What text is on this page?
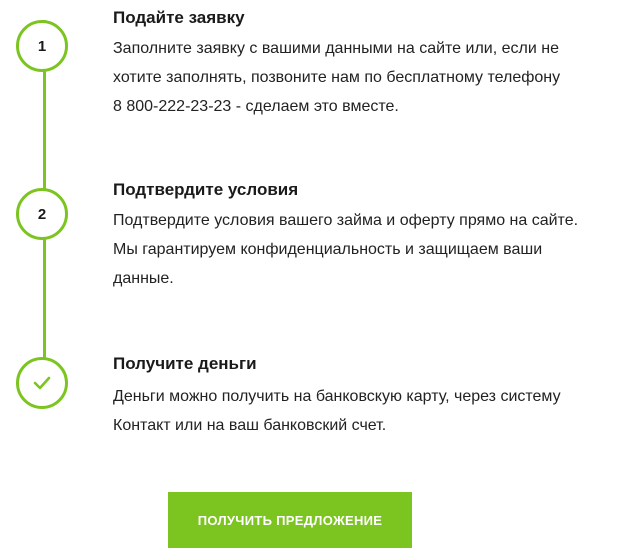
1
Подайте заявку

Заполните заявку с вашими данными на сайте или, если не
хотите заполнять, позвоните нам по бесплатному телефону
8 800-222-23-23 - сделаем это вместе.

2
Подтвердите условия

Подтвердите условия вашего займа и оферту прямо на сайте.
Мы гарантируем конфиденциальность и защищаем ваши
данные.

Получите деньги

Деньги можно получить на банковскую карту, через систему
Контакт или на ваш банковский счет.

ПОЛУЧИТЬ ПРЕДЛОЖЕНИЕ
